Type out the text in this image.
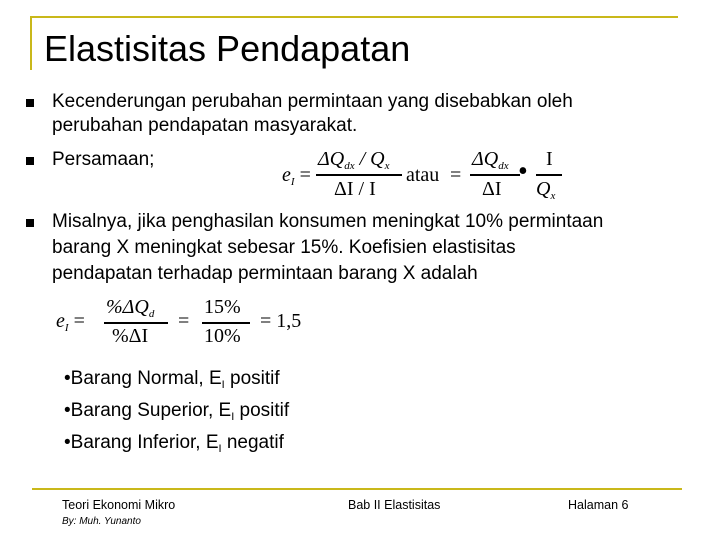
Elastisitas Pendapatan
Kecenderungan perubahan permintaan yang disebabkan oleh
perubahan pendapatan masyarakat.
Persamaan;
$e_I$ =
$\Delta Q_{dx} / Q_x$
ΔI / I
atau =
$\Delta Q_{dx}$
ΔI
• I
$Q_x$
Misalnya, jika penghasilan konsumen meningkat 10% permintaan
barang X meningkat sebesar 15%. Koefisien elastisitas
pendapatan terhadap permintaan barang X adalah
$e_I$ =
$\%\Delta Q_d$
%ΔI
=
15%
10%
= 1,5
•Barang Normal, $E_I$ positif
•Barang Superior, $E_I$ positif
•Barang Inferior, $E_I$ negatif
Teori Ekonomi Mikro
By: Muh. Yunanto
Bab II Elastisitas	Halaman 6
